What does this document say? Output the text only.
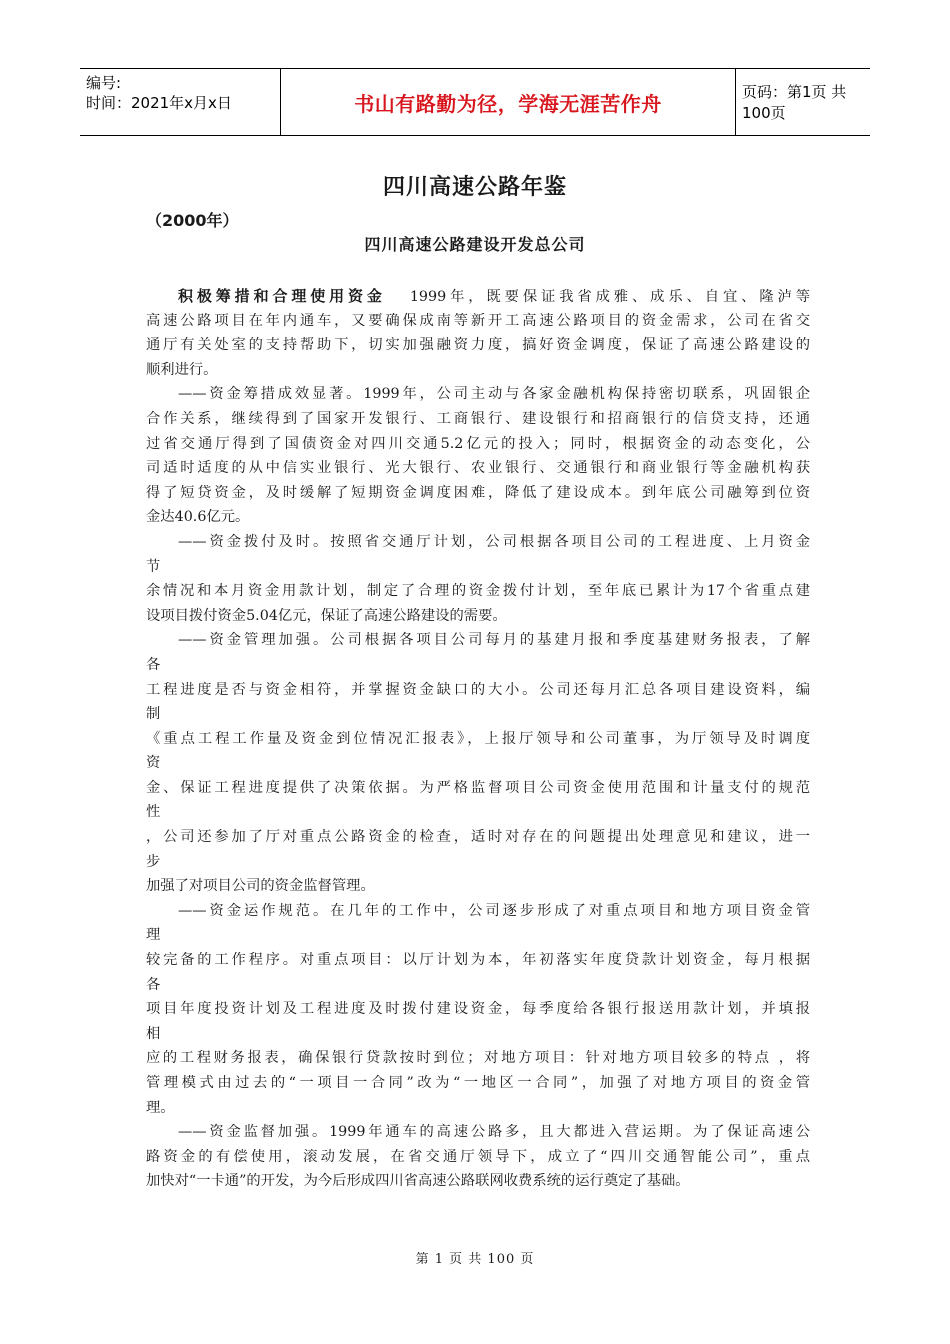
编号:
时间：2021年x月x日	书山有路勤为径，学海无涯苦作舟	页码：第1页 共100页
四川高速公路年鉴
（2000年）
四川高速公路建设开发总公司
积极筹措和合理使用资金 1999年，既要保证我省成雅、成乐、自宜、隆泸等
高速公路项目在年内通车，又要确保成南等新开工高速公路项目的资金需求，公司在省交
通厅有关处室的支持帮助下，切实加强融资力度，搞好资金调度，保证了高速公路建设的
顺利进行。
——资金筹措成效显著。1999年，公司主动与各家金融机构保持密切联系，巩固银企
合作关系，继续得到了国家开发银行、工商银行、建设银行和招商银行的信贷支持，还通
过省交通厅得到了国债资金对四川交通5.2亿元的投入；同时，根据资金的动态变化，公
司适时适度的从中信实业银行、光大银行、农业银行、交通银行和商业银行等金融机构获
得了短贷资金，及时缓解了短期资金调度困难，降低了建设成本。到年底公司融筹到位资
金达40.6亿元。
——资金拨付及时。按照省交通厅计划，公司根据各项目公司的工程进度、上月资金
节
余情况和本月资金用款计划，制定了合理的资金拨付计划，至年底已累计为17个省重点建
设项目拨付资金5.04亿元，保证了高速公路建设的需要。
——资金管理加强。公司根据各项目公司每月的基建月报和季度基建财务报表，了解
各
工程进度是否与资金相符，并掌握资金缺口的大小。公司还每月汇总各项目建设资料，编
制
《重点工程工作量及资金到位情况汇报表》，上报厅领导和公司董事，为厅领导及时调度
资
金、保证工程进度提供了决策依据。为严格监督项目公司资金使用范围和计量支付的规范
性
，公司还参加了厅对重点公路资金的检查，适时对存在的问题提出处理意见和建议，进一
步
加强了对项目公司的资金监督管理。
——资金运作规范。在几年的工作中，公司逐步形成了对重点项目和地方项目资金管
理
较完备的工作程序。对重点项目：以厅计划为本，年初落实年度贷款计划资金，每月根据
各
项目年度投资计划及工程进度及时拨付建设资金，每季度给各银行报送用款计划，并填报
相
应的工程财务报表，确保银行贷款按时到位；对地方项目：针对地方项目较多的特点 ，将
管理模式由过去的“一项目一合同”改为“一地区一合同”，加强了对地方项目的资金管
理。
——资金监督加强。1999年通车的高速公路多，且大都进入营运期。为了保证高速公
路资金的有偿使用，滚动发展，在省交通厅领导下，成立了“四川交通智能公司”，重点
加快对“一卡通”的开发，为今后形成四川省高速公路联网收费系统的运行奠定了基础。
第 1 页 共 100 页
